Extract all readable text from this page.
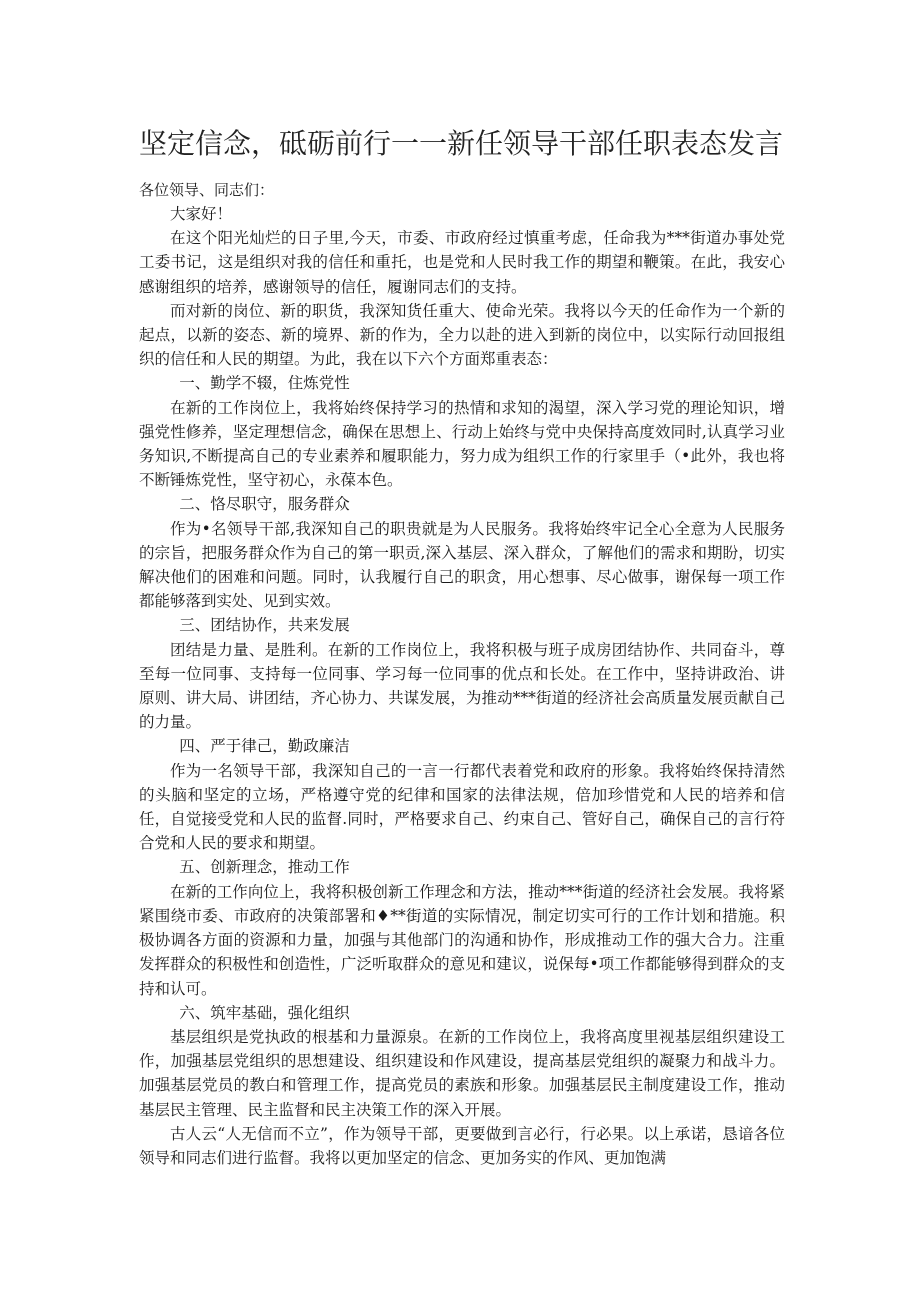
坚定信念，砥砺前行一一新任领导干部任职表态发言

各位领导、同志们：

大家好！

在这个阳光灿烂的日子里,今天，市委、市政府经过慎重考虑，任命我为***街道办事处党工委书记，这是组织对我的信任和重托，也是党和人民时我工作的期望和鞭策。在此，我安心感谢组织的培养，感谢领导的信任，履谢同志们的支持。

而对新的岗位、新的职货，我深知货任重大、使命光荣。我将以今天的任命作为一个新的起点，以新的姿态、新的境界、新的作为，全力以赴的进入到新的岗位中，以实际行动回报组织的信任和人民的期望。为此，我在以下六个方面郑重表态：

一、勤学不辍，住炼党性

在新的工作岗位上，我将始终保持学习的热情和求知的渴望，深入学习党的理论知识，增强党性修养，坚定理想信念，确保在思想上、行动上始终与党中央保持高度效同时,认真学习业务知识,不断提高自己的专业素养和履职能力，努力成为组织工作的行家里手（•此外，我也将不断锤炼党性，坚守初心，永葆本色。

二、恪尽职守，服务群众

作为•名领导干部,我深知自己的职贵就是为人民服务。我将始终牢记全心全意为人民服务的宗旨，把服务群众作为自己的第一职贡,深入基层、深入群众，了解他们的需求和期盼，切实解决他们的困难和问题。同时，认我履行自己的职贪，用心想事、尽心做事，谢保每一项工作都能够落到实处、见到实效。

三、团结协作，共来发展

团结是力量、是胜利。在新的工作岗位上，我将积极与班子成房团结协作、共同奋斗，尊至每一位同事、支持每一位同事、学习每一位同事的优点和长处。在工作中，坚持讲政治、讲原则、讲大局、讲团结，齐心协力、共谋发展，为推动***街道的经济社会高质量发展贡献自己的力量。

四、严于律己，勤政廉洁

作为一名领导干部，我深知自己的一言一行都代表着党和政府的形象。我将始终保持清然的头脑和坚定的立场，严格遵守党的纪律和国家的法律法规，倍加珍惜党和人民的培养和信任，自觉接受党和人民的监督.同时，严格要求自己、约束自己、管好自己，确保自己的言行符合党和人民的要求和期望。

五、创新理念，推动工作

在新的工作向位上，我将积极创新工作理念和方法，推动***街道的经济社会发展。我将紧紧围绕市委、市政府的决策部署和♦**街道的实际情况，制定切实可行的工作计划和措施。积极协调各方面的资源和力量，加强与其他部门的沟通和协作，形成推动工作的强大合力。注重发挥群众的积极性和创造性，广泛听取群众的意见和建议，说保每•项工作都能够得到群众的支持和认可。

六、筑牢基础，强化组织

基层组织是党执政的根基和力量源泉。在新的工作岗位上，我将高度里视基层组织建设工作，加强基层党组织的思想建设、组织建设和作风建设，提高基层党组织的凝聚力和战斗力。加强基层党员的教白和管理工作，提高党员的素族和形象。加强基层民主制度建设工作，推动基层民主管理、民主监督和民主决策工作的深入开展。

古人云“人无信而不立”，作为领导干部，更要做到言必行，行必果。以上承诺，恳谙各位领导和同志们进行监督。我将以更加坚定的信念、更加务实的作风、更加饱满
